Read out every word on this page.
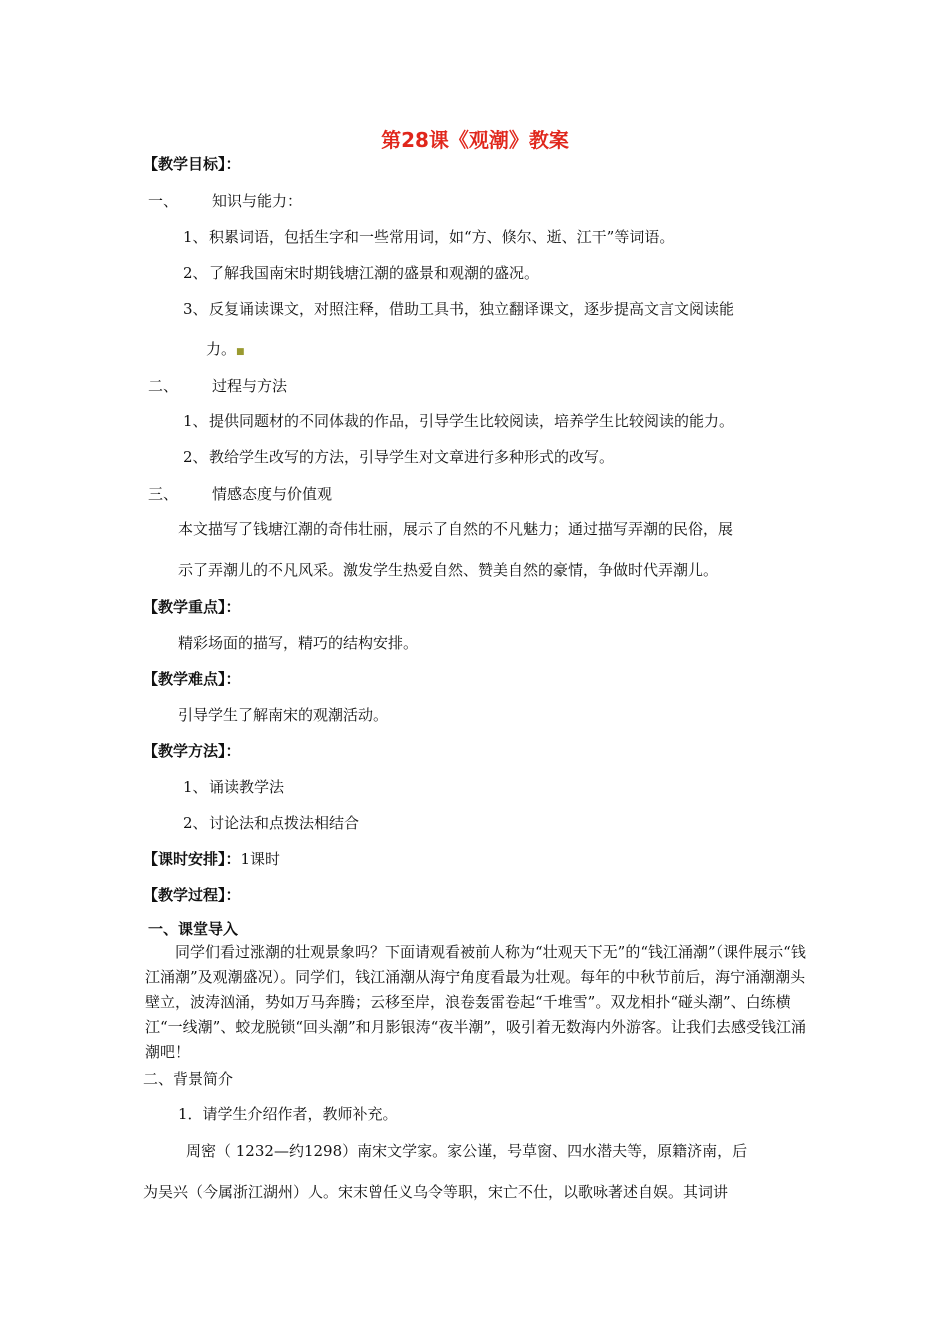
第28课《观潮》教案
【教学目标】：
一、 知识与能力：
1、 积累词语，包括生字和一些常用词，如“方、倏尔、逝、江干”等词语。
2、 了解我国南宋时期钱塘江潮的盛景和观潮的盛况。
3、 反复诵读课文，对照注释，借助工具书，独立翻译课文，逐步提高文言文阅读能
力。■
二、 过程与方法
1、 提供同题材的不同体裁的作品，引导学生比较阅读，培养学生比较阅读的能力。
2、 教给学生改写的方法，引导学生对文章进行多种形式的改写。
三、 情感态度与价值观
本文描写了钱塘江潮的奇伟壮丽，展示了自然的不凡魅力；通过描写弄潮的民俗，展
示了弄潮儿的不凡风采。激发学生热爱自然、赞美自然的豪情，争做时代弄潮儿。
【教学重点】：
精彩场面的描写，精巧的结构安排。
【教学难点】：
引导学生了解南宋的观潮活动。
【教学方法】：
1、 诵读教学法
2、 讨论法和点拨法相结合
【课时安排】：1课时
【教学过程】：
一、课堂导入
同学们看过涨潮的壮观景象吗？下面请观看被前人称为“壮观天下无”的“钱江涌潮”（课件展示“钱江涌潮”及观潮盛况）。同学们，钱江涌潮从海宁角度看最为壮观。每年的中秋节前后，海宁涌潮潮头壁立，波涛汹涌，势如万马奔腾；云移至岸，浪卷轰雷卷起“千堆雪”。双龙相扑“碰头潮”、白练横江“一线潮”、蛟龙脱锁“回头潮”和月影银涛“夜半潮”，吸引着无数海内外游客。让我们去感受钱江涌潮吧！
二、背景简介
1．请学生介绍作者，教师补充。
周密（ 1232—约1298）南宋文学家。家公谨，号草窗、四水潜夫等，原籍济南，后
为吴兴（今属浙江湖州）人。宋末曾任义乌令等职，宋亡不仕，以歌咏著述自娱。其词讲
